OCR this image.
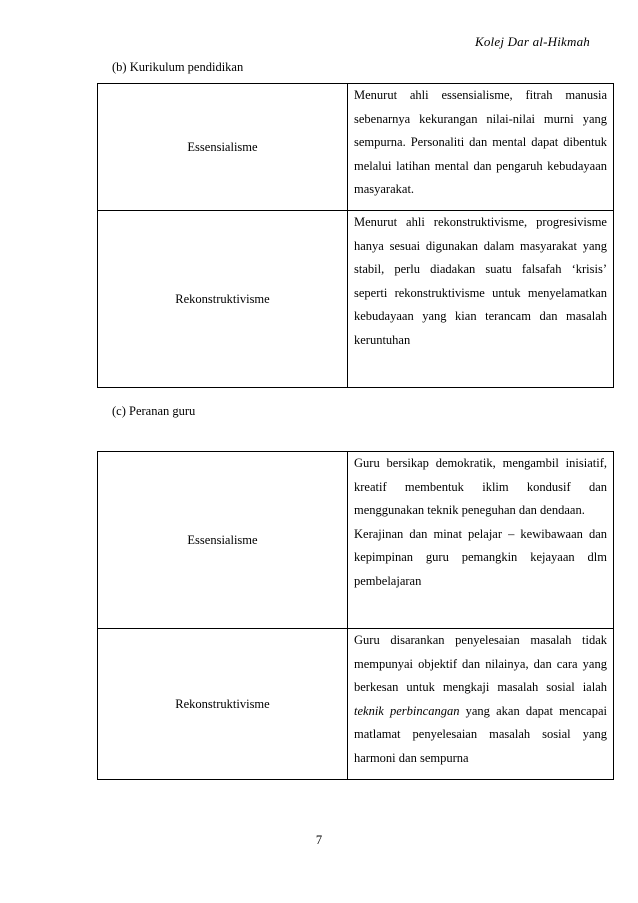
Kolej Dar al-Hikmah
(b) Kurikulum pendidikan
Essensialisme	Menurut ahli essensialisme, fitrah manusia sebenarnya kekurangan nilai-nilai murni yang sempurna. Personaliti dan mental dapat dibentuk melalui latihan mental dan pengaruh kebudayaan masyarakat.

Rekonstruktivisme	Menurut ahli rekonstruktivisme, progresivisme hanya sesuai digunakan dalam masyarakat yang stabil, perlu diadakan suatu falsafah ‘krisis’ seperti rekonstruktivisme untuk menyelamatkan kebudayaan yang kian terancam dan masalah keruntuhan

(c) Peranan guru
Essensialisme	Guru bersikap demokratik, mengambil inisiatif, kreatif membentuk iklim kondusif dan menggunakan teknik peneguhan dan dendaan.

Kerajinan dan minat pelajar – kewibawaan dan kepimpinan guru pemangkin kejayaan dlm pembelajaran

Rekonstruktivisme	Guru disarankan penyelesaian masalah tidak mempunyai objektif dan nilainya, dan cara yang berkesan untuk mengkaji masalah sosial ialah teknik perbincangan yang akan dapat mencapai matlamat penyelesaian masalah sosial yang harmoni dan sempurna

7
